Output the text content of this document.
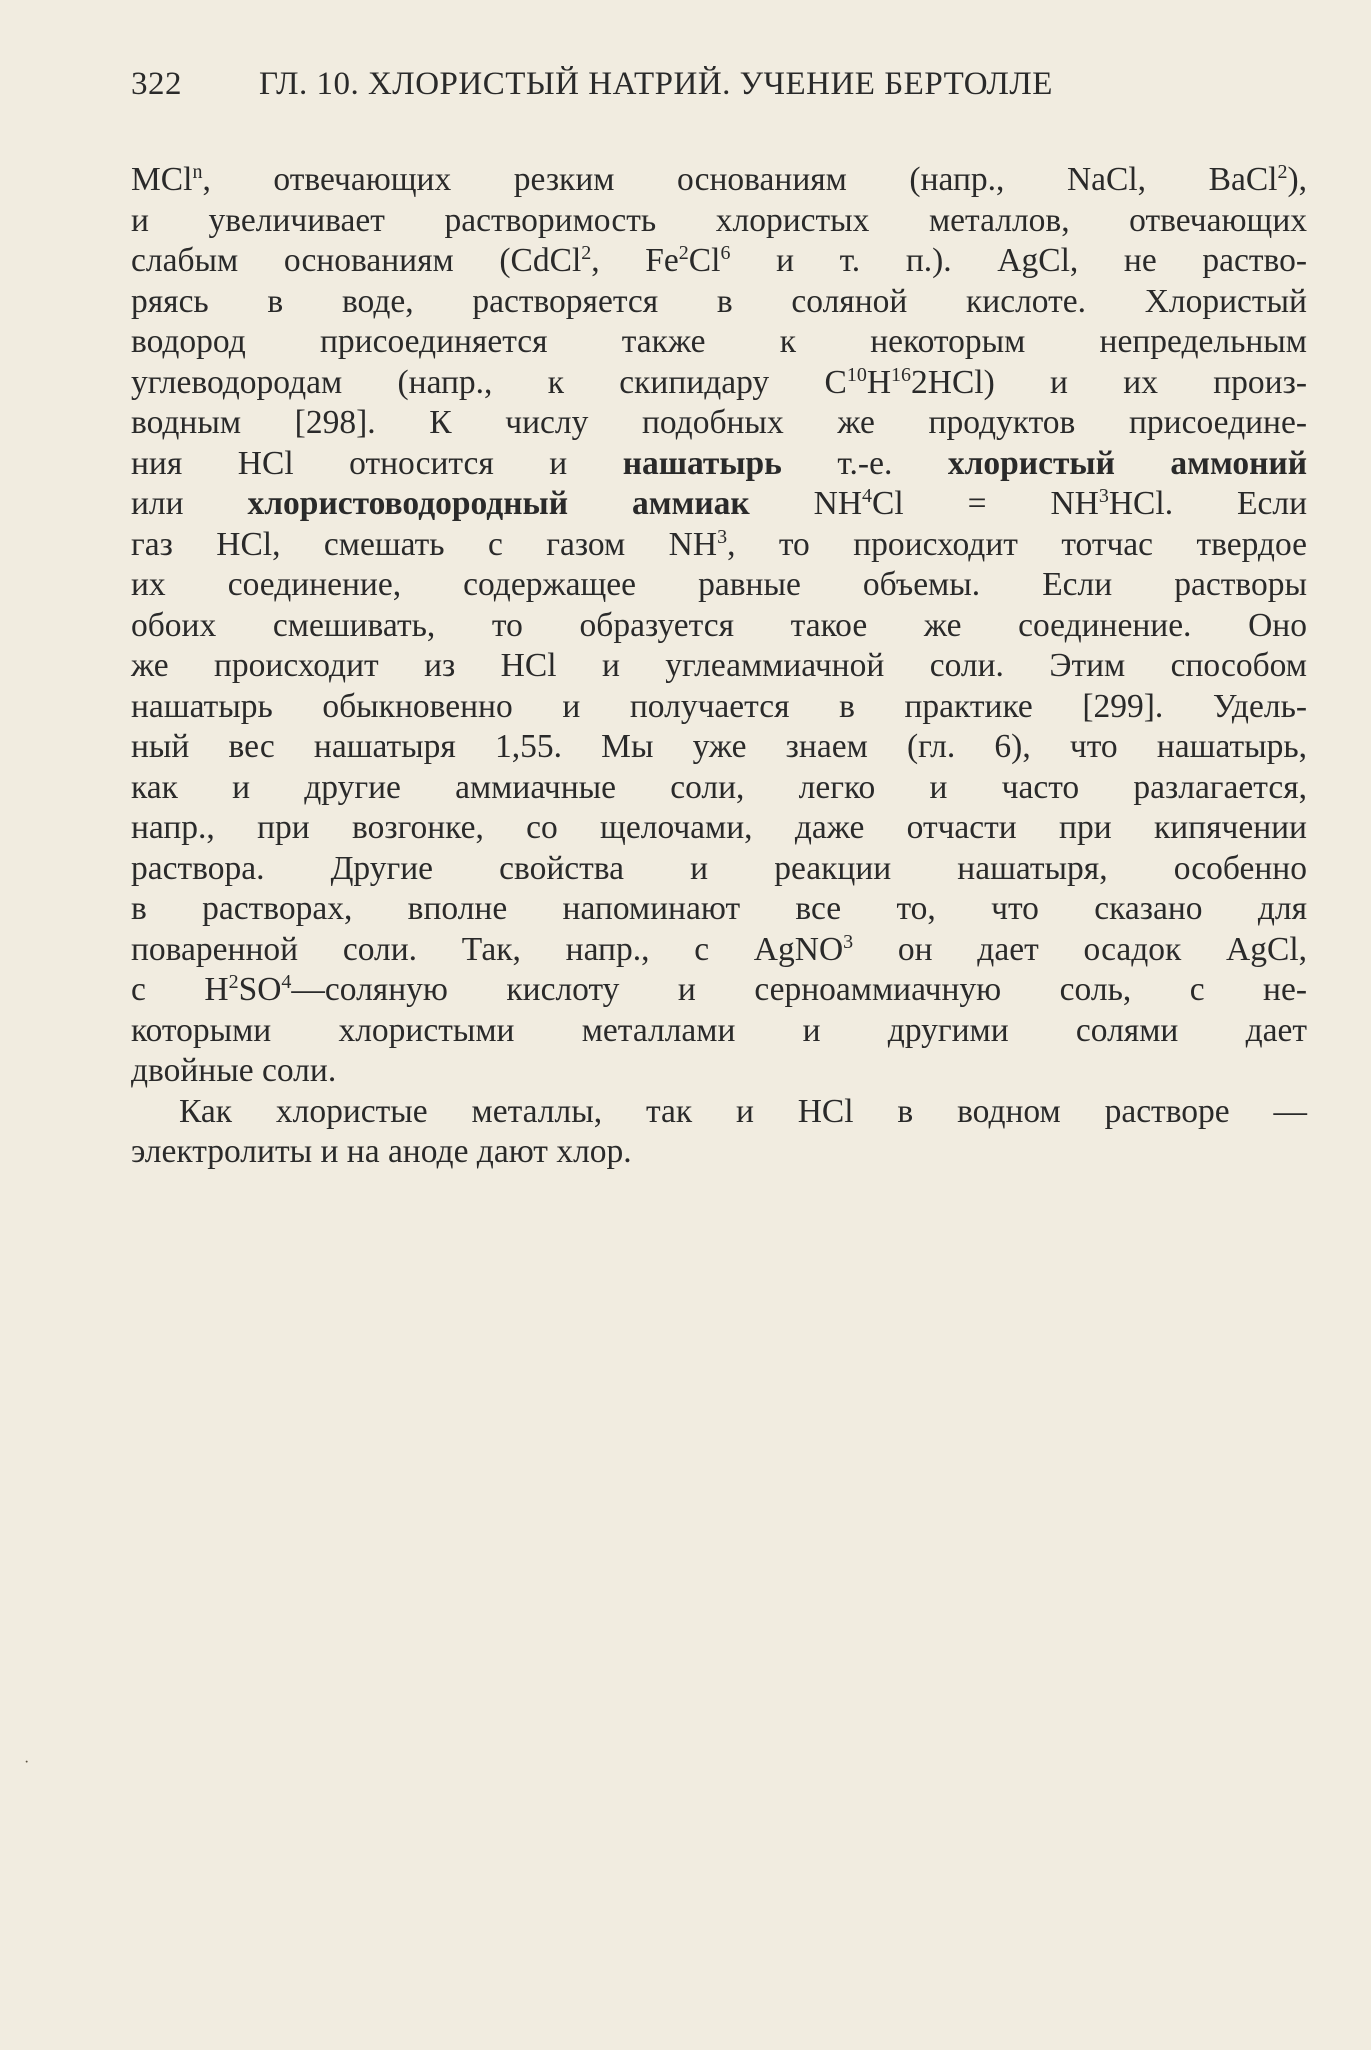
322 ГЛ. 10. ХЛОРИСТЫЙ НАТРИЙ. УЧЕНИЕ БЕРТОЛЛЕ
MCl$^n$, отвечающих резким основаниям (напр., NaCl, BaCl$^2$),
и увеличивает растворимость хлористых металлов, отвечающих
слабым основаниям (CdCl$^2$, Fe$^2$Cl$^6$ и т. п.). AgCl, не раство-
ряясь в воде, растворяется в соляной кислоте. Хлористый
водород присоединяется также к некоторым непредельным
углеводородам (напр., к скипидару $C^{10}H^{16}2HCl$) и их произ-
водным [298]. К числу подобных же продуктов присоедине-
ния HCl относится и нашатырь т.-е. хлористый аммоний
или хлористоводородный аммиак $NH^4Cl = NH^3HCl$. Если
газ HCl, смешать с газом $NH^3$, то происходит тотчас твердое
их соединение, содержащее равные объемы. Если растворы
обоих смешивать, то образуется такое же соединение. Оно
же происходит из HCl и углеаммиачной соли. Этим способом
нашатырь обыкновенно и получается в практике [299]. Удель-
ный вес нашатыря 1,55. Мы уже знаем (гл. 6), что нашатырь,
как и другие аммиачные соли, легко и часто разлагается,
напр., при возгонке, со щелочами, даже отчасти при кипячении
раствора. Другие свойства и реакции нашатыря, особенно
в растворах, вполне напоминают все то, что сказано для
поваренной соли. Так, напр., с AgNO$^3$ он дает осадок AgCl,
с $H^2SO^4—соляную$ кислоту и серноаммиачную соль, с не-
которыми хлористыми металлами и другими солями дает
двойные соли.
Как хлористые металлы, так и HCl в водном растворе —
электролиты и на аноде дают хлор.
·
